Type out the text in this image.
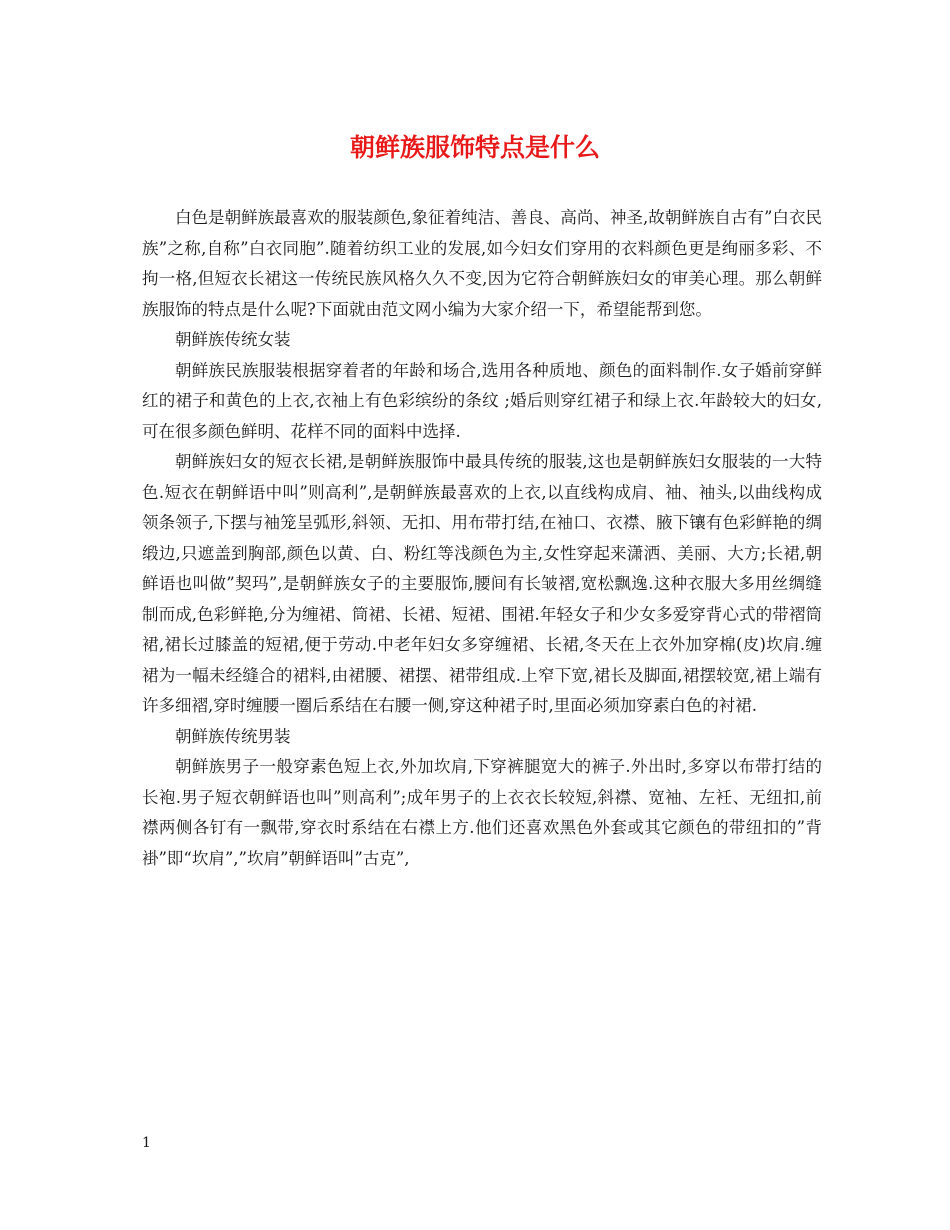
朝鲜族服饰特点是什么

白色是朝鲜族最喜欢的服装颜色,象征着纯洁、善良、高尚、神圣,故朝鲜族自古有”白衣民族”之称,自称”白衣同胞”.随着纺织工业的发展,如今妇女们穿用的衣料颜色更是绚丽多彩、不拘一格,但短衣长裙这一传统民族风格久久不变,因为它符合朝鲜族妇女的审美心理。那么朝鲜族服饰的特点是什么呢?下面就由范文网小编为大家介绍一下，希望能帮到您。

朝鲜族传统女装

朝鲜族民族服装根据穿着者的年龄和场合,选用各种质地、颜色的面料制作.女子婚前穿鲜红的裙子和黄色的上衣,衣袖上有色彩缤纷的条纹 ;婚后则穿红裙子和绿上衣.年龄较大的妇女,可在很多颜色鲜明、花样不同的面料中选择.

朝鲜族妇女的短衣长裙,是朝鲜族服饰中最具传统的服装,这也是朝鲜族妇女服装的一大特色.短衣在朝鲜语中叫”则高利”,是朝鲜族最喜欢的上衣,以直线构成肩、袖、袖头,以曲线构成领条领子,下摆与袖笼呈弧形,斜领、无扣、用布带打结,在袖口、衣襟、腋下镶有色彩鲜艳的绸缎边,只遮盖到胸部,颜色以黄、白、粉红等浅颜色为主,女性穿起来潇洒、美丽、大方;长裙,朝鲜语也叫做”契玛”,是朝鲜族女子的主要服饰,腰间有长皱褶,宽松飘逸.这种衣服大多用丝绸缝制而成,色彩鲜艳,分为缠裙、筒裙、长裙、短裙、围裙.年轻女子和少女多爱穿背心式的带褶筒裙,裙长过膝盖的短裙,便于劳动.中老年妇女多穿缠裙、长裙,冬天在上衣外加穿棉(皮)坎肩.缠裙为一幅未经缝合的裙料,由裙腰、裙摆、裙带组成.上窄下宽,裙长及脚面,裙摆较宽,裙上端有许多细褶,穿时缠腰一圈后系结在右腰一侧,穿这种裙子时,里面必须加穿素白色的衬裙.

朝鲜族传统男装

朝鲜族男子一般穿素色短上衣,外加坎肩,下穿裤腿宽大的裤子.外出时,多穿以布带打结的长袍.男子短衣朝鲜语也叫”则高利”;成年男子的上衣衣长较短,斜襟、宽袖、左衽、无纽扣,前襟两侧各钉有一飘带,穿衣时系结在右襟上方.他们还喜欢黑色外套或其它颜色的带纽扣的”背褂”即“坎肩”,”坎肩”朝鲜语叫”古克”,

1
